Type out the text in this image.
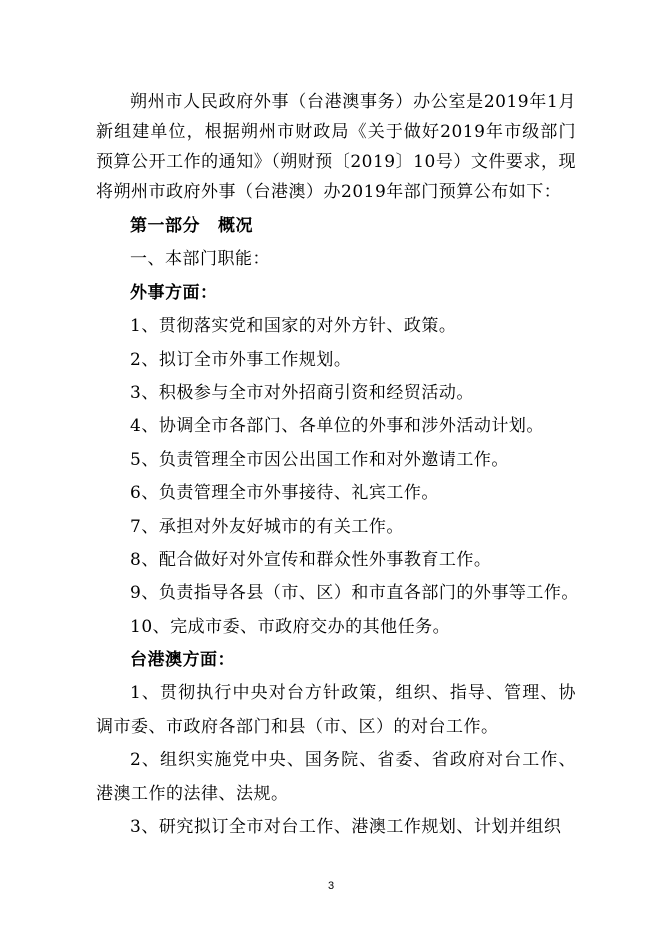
朔州市人民政府外事（台港澳事务）办公室是2019年1月新组建单位，根据朔州市财政局《关于做好2019年市级部门预算公开工作的通知》（朔财预〔2019〕10号）文件要求，现将朔州市政府外事（台港澳）办2019年部门预算公布如下：

第一部分 概况

一、本部门职能：

外事方面：

1、贯彻落实党和国家的对外方针、政策。

2、拟订全市外事工作规划。

3、积极参与全市对外招商引资和经贸活动。

4、协调全市各部门、各单位的外事和涉外活动计划。

5、负责管理全市因公出国工作和对外邀请工作。

6、负责管理全市外事接待、礼宾工作。

7、承担对外友好城市的有关工作。

8、配合做好对外宣传和群众性外事教育工作。

9、负责指导各县（市、区）和市直各部门的外事等工作。

10、完成市委、市政府交办的其他任务。

台港澳方面：

1、贯彻执行中央对台方针政策，组织、指导、管理、协调市委、市政府各部门和县（市、区）的对台工作。

2、组织实施党中央、国务院、省委、省政府对台工作、港澳工作的法律、法规。

3、研究拟订全市对台工作、港澳工作规划、计划并组织

3
